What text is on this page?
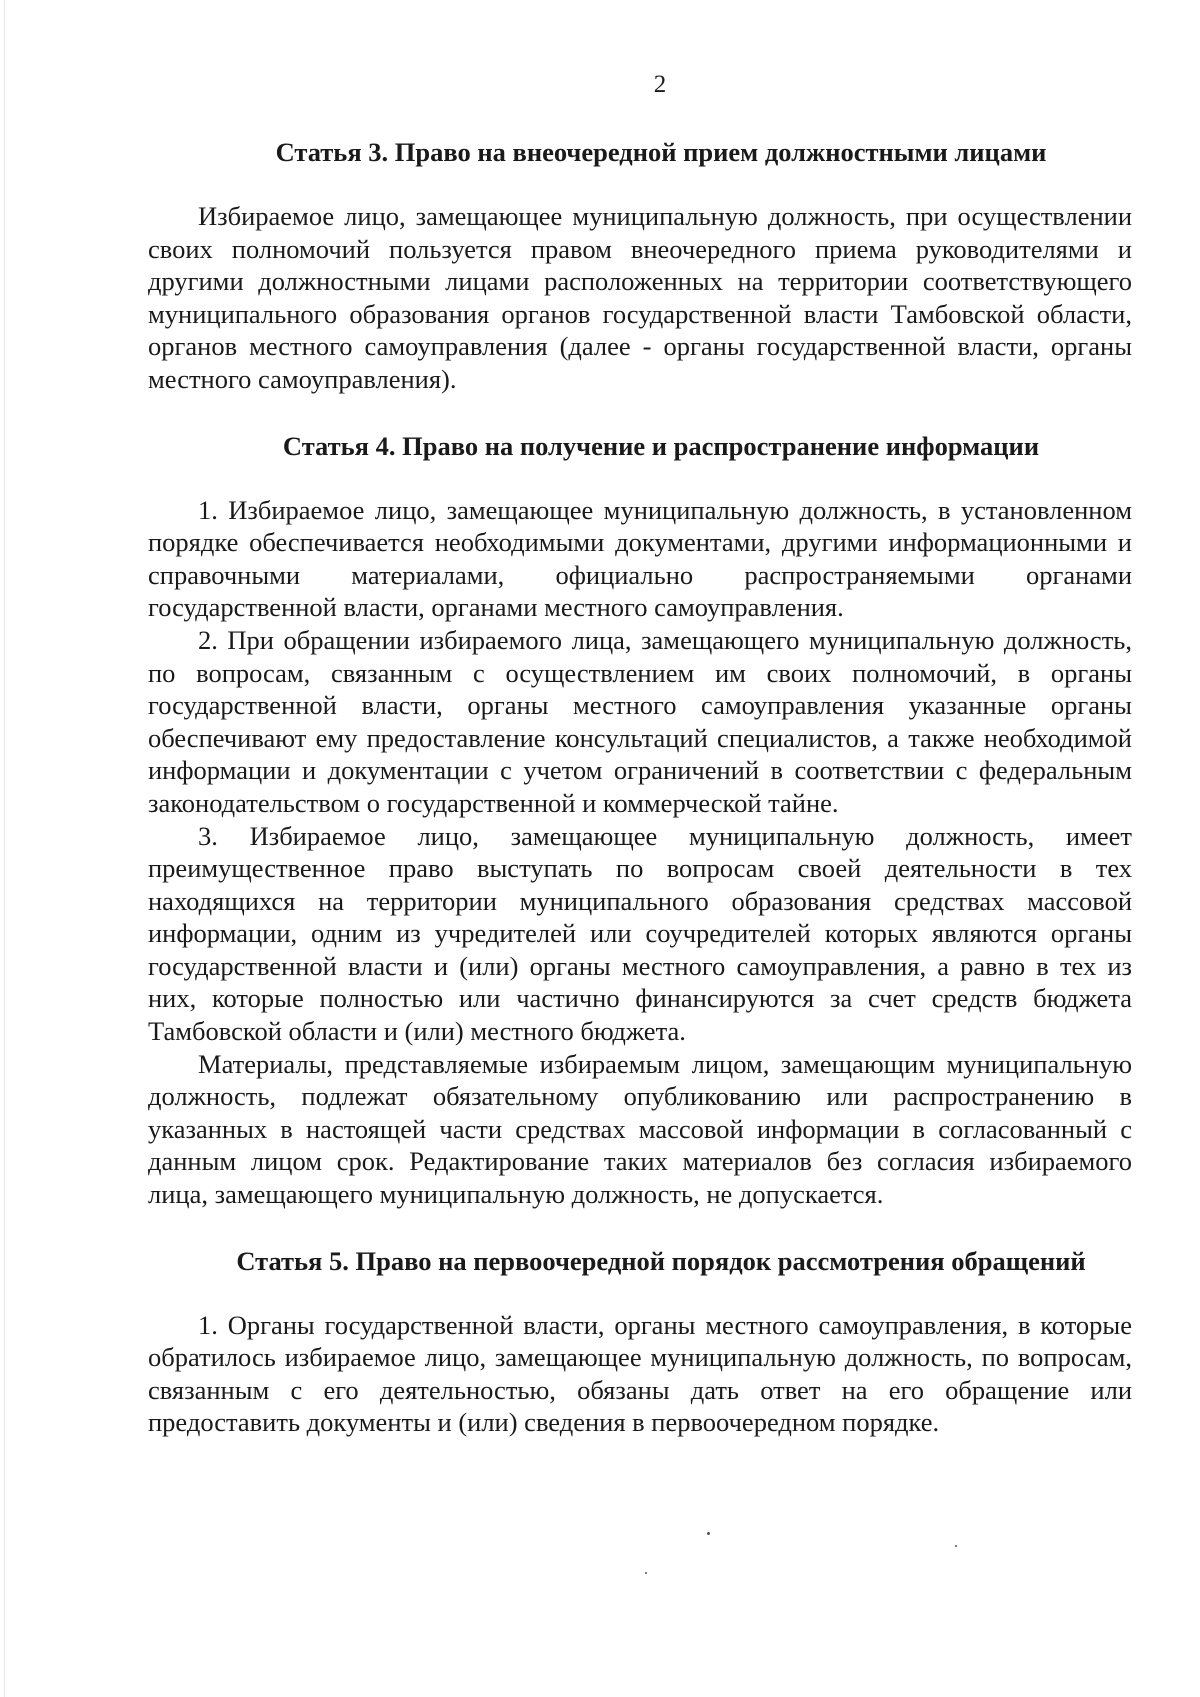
2
Статья 3. Право на внеочередной прием должностными лицами

Избираемое лицо, замещающее муниципальную должность, при осуществлении своих полномочий пользуется правом внеочередного приема руководителями и другими должностными лицами расположенных на территории соответствующего муниципального образования органов государственной власти Тамбовской области, органов местного самоуправления (далее - органы государственной власти, органы местного самоуправления).

Статья 4. Право на получение и распространение информации

1. Избираемое лицо, замещающее муниципальную должность, в установленном порядке обеспечивается необходимыми документами, другими информационными и справочными материалами, официально распространяемыми органами государственной власти, органами местного самоуправления.

2. При обращении избираемого лица, замещающего муниципальную должность, по вопросам, связанным с осуществлением им своих полномочий, в органы государственной власти, органы местного самоуправления указанные органы обеспечивают ему предоставление консультаций специалистов, а также необходимой информации и документации с учетом ограничений в соответствии с федеральным законодательством о государственной и коммерческой тайне.

3. Избираемое лицо, замещающее муниципальную должность, имеет преимущественное право выступать по вопросам своей деятельности в тех находящихся на территории муниципального образования средствах массовой информации, одним из учредителей или соучредителей которых являются органы государственной власти и (или) органы местного самоуправления, а равно в тех из них, которые полностью или частично финансируются за счет средств бюджета Тамбовской области и (или) местного бюджета.

Материалы, представляемые избираемым лицом, замещающим муниципальную должность, подлежат обязательному опубликованию или распространению в указанных в настоящей части средствах массовой информации в согласованный с данным лицом срок. Редактирование таких материалов без согласия избираемого лица, замещающего муниципальную должность, не допускается.

Статья 5. Право на первоочередной порядок рассмотрения обращений

1. Органы государственной власти, органы местного самоуправления, в которые обратилось избираемое лицо, замещающее муниципальную должность, по вопросам, связанным с его деятельностью, обязаны дать ответ на его обращение или предоставить документы и (или) сведения в первоочередном порядке.
